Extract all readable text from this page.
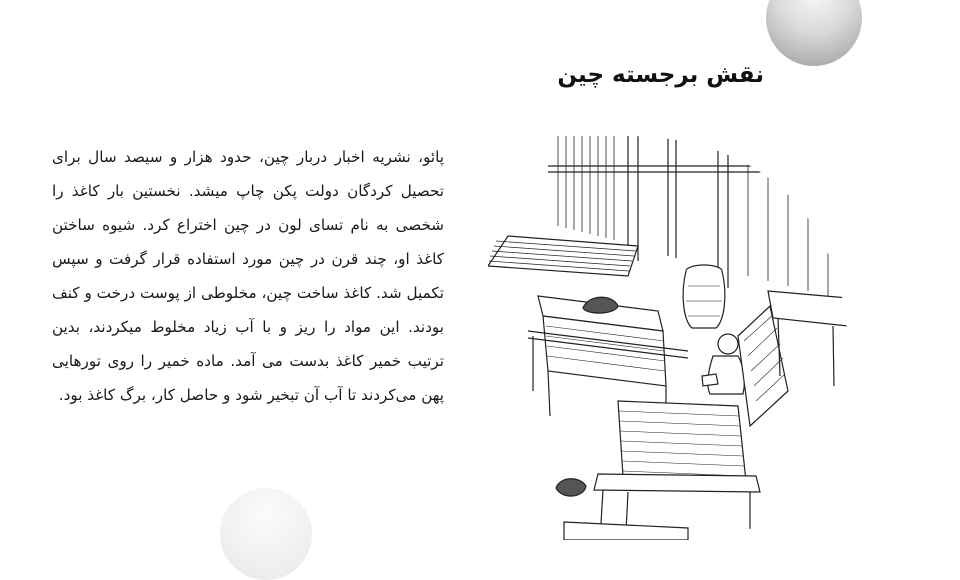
نقش برجسته چین
پائو، نشریه اخبار دربار چین، حدود هزار و سیصد سال برای تحصیل کردگان دولت پکن چاپ میشد. نخستین بار کاغذ را شخصی به نام تسای لون در چین اختراع کرد. شیوه ساختن کاغذ او، چند قرن در چین مورد استفاده قرار گرفت و سپس تکمیل شد. کاغذ ساخت چین، مخلوطی از پوست درخت و کنف بودند. این مواد را ریز و با آب زیاد مخلوط میکردند، بدین ترتیب خمیر کاغذ بدست می آمد. ماده خمیر را روی تورهایی پهن می‌کردند تا آب آن تبخیر شود و حاصل کار، برگ کاغذ بود.
